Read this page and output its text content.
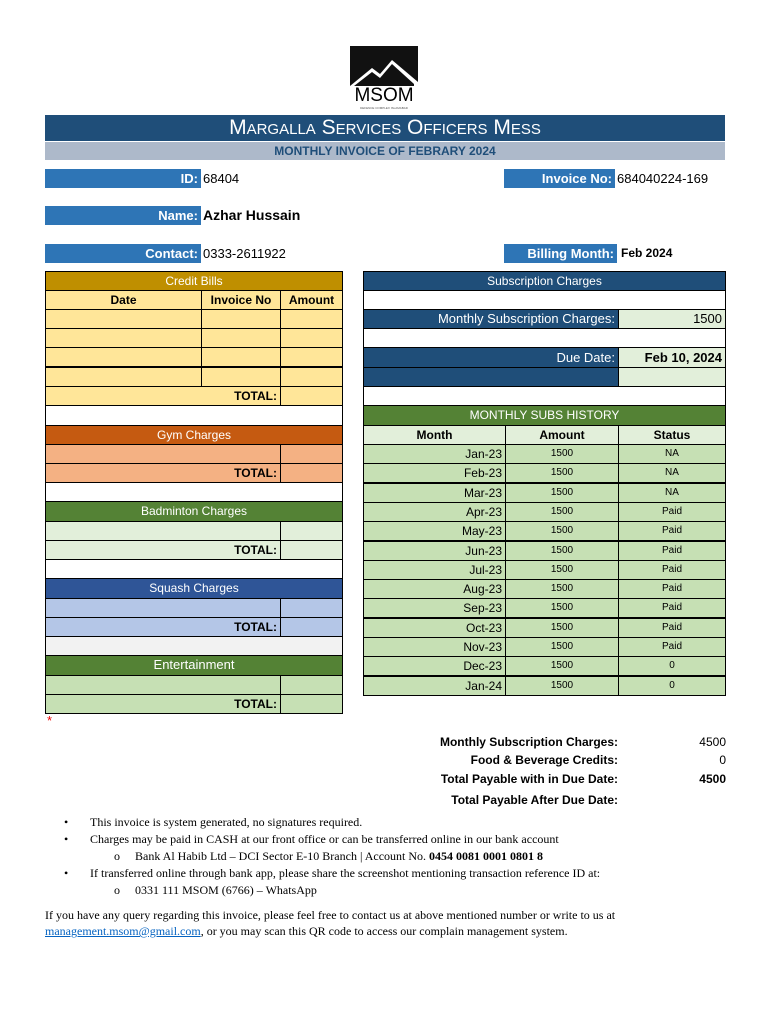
MSOM
DEFENCE COMPLEX ISLAMABAD
Margalla Services Officers Mess
MONTHLY INVOICE OF FEBRARY 2024
ID: 68404	Invoice No: 684040224-169
Name: Azhar Hussain
Contact: 0333-2611922	Billing Month: Feb 2024
Credit Bills
Date	Invoice No	Amount
TOTAL:
Gym Charges
TOTAL:
Badminton Charges
TOTAL:
Squash Charges
TOTAL:
Entertainment
TOTAL:
*
Subscription Charges
Monthly Subscription Charges:	1500
Due Date:	Feb 10, 2024
MONTHLY SUBS HISTORY
Month	Amount	Status
Jan-23	1500	NA
Feb-23	1500	NA
Mar-23	1500	NA
Apr-23	1500	Paid
May-23	1500	Paid
Jun-23	1500	Paid
Jul-23	1500	Paid
Aug-23	1500	Paid
Sep-23	1500	Paid
Oct-23	1500	Paid
Nov-23	1500	Paid
Dec-23	1500	0
Jan-24	1500	0
Monthly Subscription Charges:	4500
Food & Beverage Credits:	0
Total Payable with in Due Date:	4500
Total Payable After Due Date:
• This invoice is system generated, no signatures required.
• Charges may be paid in CASH at our front office or can be transferred online in our bank account
o Bank Al Habib Ltd – DCI Sector E-10 Branch | Account No. 0454 0081 0001 0801 8
• If transferred online through bank app, please share the screenshot mentioning transaction reference ID at:
o 0331 111 MSOM (6766) – WhatsApp
If you have any query regarding this invoice, please feel free to contact us at above mentioned number or write to us at
management.msom@gmail.com, or you may scan this QR code to access our complain management system.
